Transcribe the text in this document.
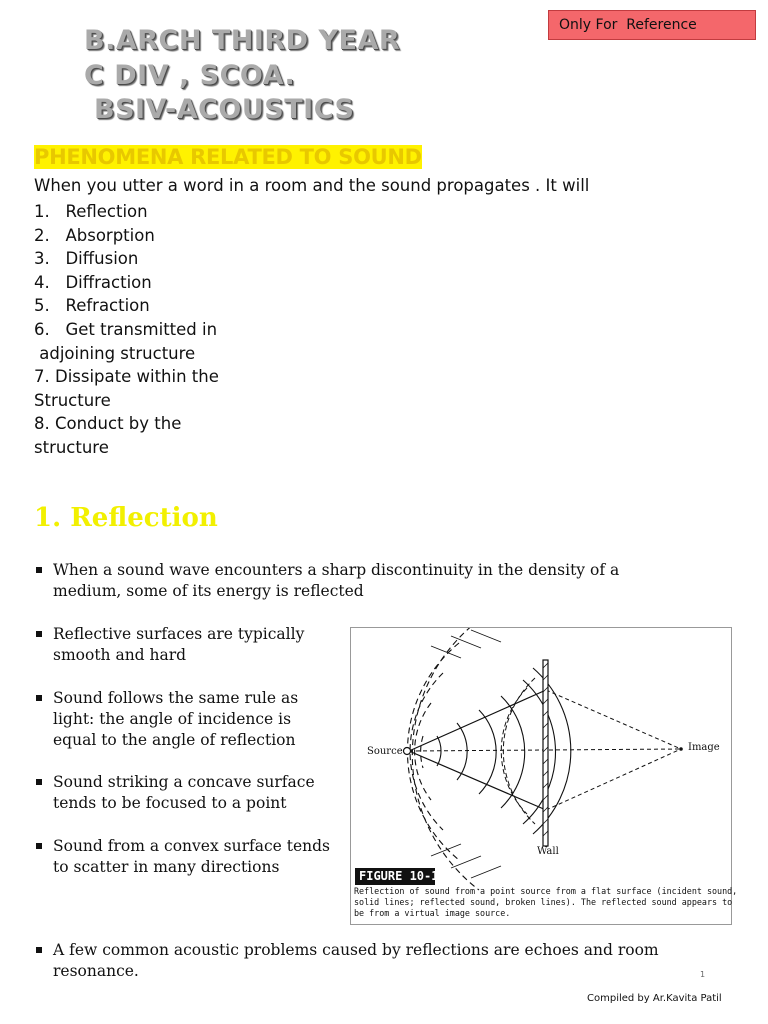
Only For  Reference
B.ARCH THIRD YEAR
C DIV , SCOA.
BSIV-ACOUSTICS
PHENOMENA RELATED TO SOUND
When you utter a word in a room and the sound propagates . It will
1.   Reflection
2.   Absorption
3.   Diffusion
4.   Diffraction
5.   Refraction
6.   Get transmitted in
adjoining structure
7. Dissipate within the
Structure
8. Conduct by the
structure
1. Reflection
When a sound wave encounters a sharp discontinuity in the density of a medium, some of its energy is reflected
Reflective surfaces are typically smooth and hard
Sound follows the same rule as light: the angle of incidence is equal to the angle of reflection
Sound striking a concave surface tends to be focused to a point
Sound from a convex surface tends to scatter in many directions
A few common acoustic problems caused by reflections are echoes and room resonance.
Source	Image
Wall
FIGURE 10-1
Reflection of sound from a point source from a flat surface (incident sound, solid lines; reflected sound, broken lines). The reflected sound appears to be from a virtual image source.
1
Compiled by Ar.Kavita Patil
